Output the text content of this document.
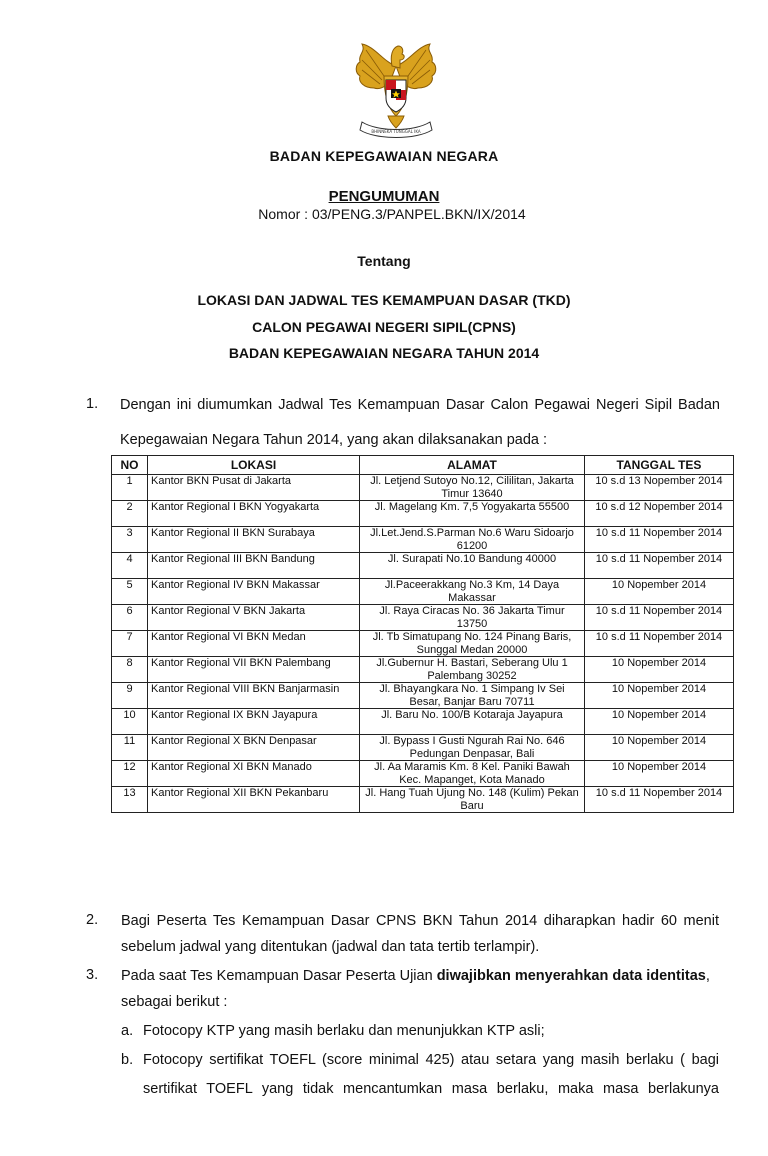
BHINNEKA TUNGGAL IKA
BADAN KEPEGAWAIAN NEGARA
PENGUMUMAN
Nomor : 03/PENG.3/PANPEL.BKN/IX/2014
Tentang
LOKASI DAN JADWAL TES KEMAMPUAN DASAR (TKD)
CALON PEGAWAI NEGERI SIPIL(CPNS)
BADAN KEPEGAWAIAN NEGARA TAHUN 2014
1. Dengan ini diumumkan Jadwal Tes Kemampuan Dasar Calon Pegawai Negeri Sipil Badan
Kepegawaian Negara Tahun 2014, yang akan dilaksanakan pada :
NO	LOKASI	ALAMAT	TANGGAL TES
1	Kantor BKN Pusat di Jakarta	Jl. Letjend Sutoyo No.12, Cililitan, Jakarta Timur 13640	10 s.d 13 Nopember 2014
2	Kantor Regional I BKN Yogyakarta	Jl. Magelang Km. 7,5 Yogyakarta 55500	10 s.d 12 Nopember 2014
3	Kantor Regional II BKN Surabaya	Jl.Let.Jend.S.Parman No.6 Waru Sidoarjo 61200	10 s.d 11 Nopember 2014
4	Kantor Regional III BKN Bandung	Jl. Surapati No.10 Bandung 40000	10 s.d 11 Nopember 2014
5	Kantor Regional IV BKN Makassar	Jl.Paceerakkang No.3 Km, 14 Daya Makassar	10 Nopember 2014
6	Kantor Regional V BKN Jakarta	Jl. Raya Ciracas No. 36 Jakarta Timur 13750	10 s.d 11 Nopember 2014
7	Kantor Regional VI BKN Medan	Jl. Tb Simatupang No. 124 Pinang Baris, Sunggal Medan 20000	10 s.d 11 Nopember 2014
8	Kantor Regional VII BKN Palembang	Jl.Gubernur H. Bastari, Seberang Ulu 1 Palembang 30252	10 Nopember 2014
9	Kantor Regional VIII BKN Banjarmasin	Jl. Bhayangkara No. 1 Simpang Iv Sei Besar, Banjar Baru 70711	10 Nopember 2014
10	Kantor Regional IX BKN Jayapura	Jl. Baru No. 100/B Kotaraja Jayapura	10 Nopember 2014
11	Kantor Regional X BKN Denpasar	Jl. Bypass I Gusti Ngurah Rai No. 646 Pedungan Denpasar, Bali	10 Nopember 2014
12	Kantor Regional XI BKN Manado	Jl. Aa Maramis Km. 8 Kel. Paniki Bawah Kec. Mapanget, Kota Manado	10 Nopember 2014
13	Kantor Regional XII BKN Pekanbaru	Jl. Hang Tuah Ujung No. 148 (Kulim) Pekan Baru	10 s.d 11 Nopember 2014
2. Bagi Peserta Tes Kemampuan Dasar CPNS BKN Tahun 2014 diharapkan hadir 60 menit
sebelum jadwal yang ditentukan (jadwal dan tata tertib terlampir).
3. Pada saat Tes Kemampuan Dasar Peserta Ujian diwajibkan menyerahkan data identitas,
sebagai berikut :
a. Fotocopy KTP yang masih berlaku dan menunjukkan KTP asli;
b. Fotocopy sertifikat TOEFL (score minimal 425) atau setara yang masih berlaku ( bagi
sertifikat TOEFL yang tidak mencantumkan masa berlaku, maka masa berlakunya
